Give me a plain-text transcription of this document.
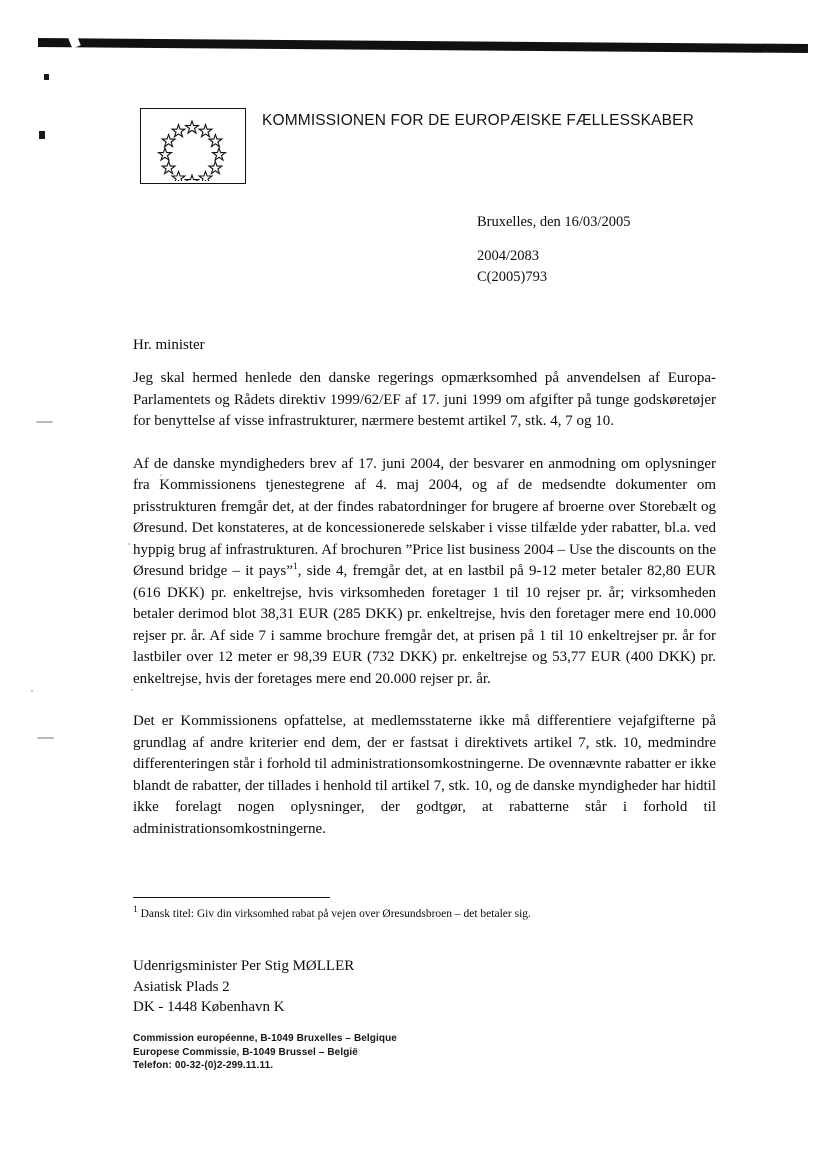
KOMMISSIONEN FOR DE EUROPÆISKE FÆLLESSKABER
Bruxelles, den 16/03/2005
2004/2083
C(2005)793
Hr. minister

Jeg skal hermed henlede den danske regerings opmærksomhed på anvendelsen af Europa-Parlamentets og Rådets direktiv 1999/62/EF af 17. juni 1999 om afgifter på tunge godskøretøjer for benyttelse af visse infrastrukturer, nærmere bestemt artikel 7, stk. 4, 7 og 10.

Af de danske myndigheders brev af 17. juni 2004, der besvarer en anmodning om oplysninger fra Kommissionens tjenestegrene af 4. maj 2004, og af de medsendte dokumenter om prisstrukturen fremgår det, at der findes rabatordninger for brugere af broerne over Storebælt og Øresund. Det konstateres, at de koncessionerede selskaber i visse tilfælde yder rabatter, bl.a. ved hyppig brug af infrastrukturen. Af brochuren ”Price list business 2004 – Use the discounts on the Øresund bridge – it pays”$^1$, side 4, fremgår det, at en lastbil på 9-12 meter betaler 82,80 EUR (616 DKK) pr. enkeltrejse, hvis virksomheden foretager 1 til 10 rejser pr. år; virksomheden betaler derimod blot 38,31 EUR (285 DKK) pr. enkeltrejse, hvis den foretager mere end 10.000 rejser pr. år. Af side 7 i samme brochure fremgår det, at prisen på 1 til 10 enkeltrejser pr. år for lastbiler over 12 meter er 98,39 EUR (732 DKK) pr. enkeltrejse og 53,77 EUR (400 DKK) pr. enkeltrejse, hvis der foretages mere end 20.000 rejser pr. år.

Det er Kommissionens opfattelse, at medlemsstaterne ikke må differentiere vejafgifterne på grundlag af andre kriterier end dem, der er fastsat i direktivets artikel 7, stk. 10, medmindre differenteringen står i forhold til administrationsomkostningerne. De ovennævnte rabatter er ikke blandt de rabatter, der tillades i henhold til artikel 7, stk. 10, og de danske myndigheder har hidtil ikke forelagt nogen oplysninger, der godtgør, at rabatterne står i forhold til administrationsomkostningerne.

$^1$ Dansk titel: Giv din virksomhed rabat på vejen over Øresundsbroen – det betaler sig.
Udenrigsminister Per Stig MØLLER
Asiatisk Plads 2
DK - 1448 København K
Commission européenne, B-1049 Bruxelles – Belgique
Europese Commissie, B-1049 Brussel – België
Telefon: 00-32-(0)2-299.11.11.
